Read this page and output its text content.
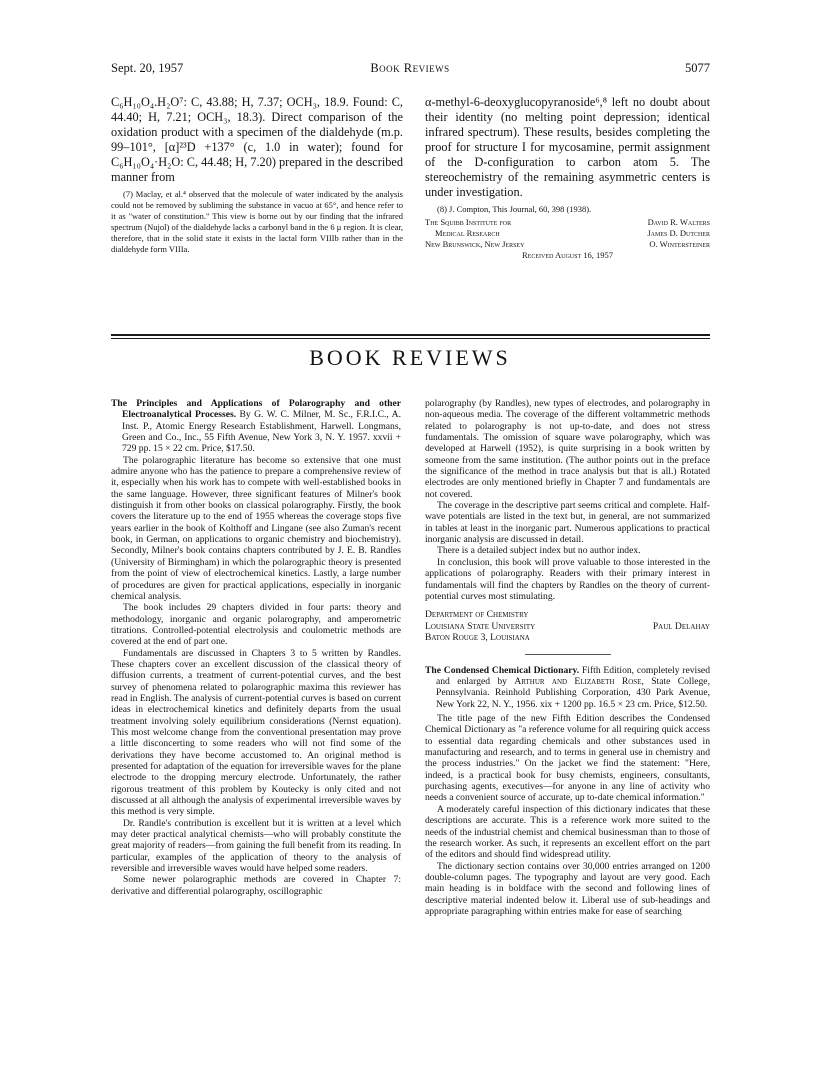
Sept. 20, 1957	Book Reviews	5077

C₆H₁₀O₄.H₂O⁷: C, 43.88; H, 7.37; OCH₃, 18.9. Found: C, 44.40; H, 7.21; OCH₃, 18.3). Direct comparison of the oxidation product with a specimen of the dialdehyde (m.p. 99–101°, [α]²³D +137° (c, 1.0 in water); found for C₆H₁₀O₄·H₂O: C, 44.48; H, 7.20) prepared in the described manner from

(7) Maclay, et al.⁴ observed that the molecule of water indicated by the analysis could not be removed by subliming the substance in vacuo at 65°, and hence refer to it as "water of constitution." This view is borne out by our finding that the infrared spectrum (Nujol) of the dialdehyde lacks a carbonyl band in the 6 μ region. It is clear, therefore, that in the solid state it exists in the lactal form VIIIb rather than in the dialdehyde form VIIIa.

α-methyl-6-deoxyglucopyranoside⁶,⁸ left no doubt about their identity (no melting point depression; identical infrared spectrum). These results, besides completing the proof for structure I for mycosamine, permit assignment of the D-configuration to carbon atom 5. The stereochemistry of the remaining asymmetric centers is under investigation.

(8) J. Compton, This Journal, 60, 398 (1938).

The Squibb Institute for	David R. Walters
Medical Research	James D. Dutcher
New Brunswick, New Jersey	O. Wintersteiner
Received August 16, 1957
BOOK REVIEWS

The Principles and Applications of Polarography and other Electroanalytical Processes. By G. W. C. Milner, M. Sc., F.R.I.C., A. Inst. P., Atomic Energy Research Establishment, Harwell. Longmans, Green and Co., Inc., 55 Fifth Avenue, New York 3, N. Y. 1957. xxvii + 729 pp. 15 × 22 cm. Price, $17.50.

The polarographic literature has become so extensive that one must admire anyone who has the patience to prepare a comprehensive review of it, especially when his work has to compete with well-established books in the same language. However, three significant features of Milner's book distinguish it from other books on classical polarography. Firstly, the book covers the literature up to the end of 1955 whereas the coverage stops five years earlier in the book of Kolthoff and Lingane (see also Zuman's recent book, in German, on applications to organic chemistry and biochemistry). Secondly, Milner's book contains chapters contributed by J. E. B. Randles (University of Birmingham) in which the polarographic theory is presented from the point of view of electrochemical kinetics. Lastly, a large number of procedures are given for practical applications, especially in inorganic chemical analysis.

The book includes 29 chapters divided in four parts: theory and methodology, inorganic and organic polarography, and amperometric titrations. Controlled-potential electrolysis and coulometric methods are covered at the end of part one.

Fundamentals are discussed in Chapters 3 to 5 written by Randles. These chapters cover an excellent discussion of the classical theory of diffusion currents, a treatment of current-potential curves, and the best survey of phenomena related to polarographic maxima this reviewer has read in English. The analysis of current-potential curves is based on current ideas in electrochemical kinetics and definitely departs from the usual treatment involving solely equilibrium considerations (Nernst equation). This most welcome change from the conventional presentation may prove a little disconcerting to some readers who will not find some of the derivations they have become accustomed to. An original method is presented for adaptation of the equation for irreversible waves for the plane electrode to the dropping mercury electrode. Unfortunately, the rather rigorous treatment of this problem by Koutecky is only cited and not discussed at all although the analysis of experimental irreversible waves by this method is very simple.

Dr. Randle's contribution is excellent but it is written at a level which may deter practical analytical chemists—who will probably constitute the great majority of readers—from gaining the full benefit from its reading. In particular, examples of the application of theory to the analysis of reversible and irreversible waves would have helped some readers.

Some newer polarographic methods are covered in Chapter 7: derivative and differential polarography, oscillographic

polarography (by Randles), new types of electrodes, and polarography in non-aqueous media. The coverage of the different voltammetric methods related to polarography is not up-to-date, and does not stress fundamentals. The omission of square wave polarography, which was developed at Harwell (1952), is quite surprising in a book written by someone from the same institution. (The author points out in the preface the significance of the method in trace analysis but that is all.) Rotated electrodes are only mentioned briefly in Chapter 7 and fundamentals are not covered.

The coverage in the descriptive part seems critical and complete. Half-wave potentials are listed in the text but, in general, are not summarized in tables at least in the inorganic part. Numerous applications to practical inorganic analysis are discussed in detail.

There is a detailed subject index but no author index.

In conclusion, this book will prove valuable to those interested in the applications of polarography. Readers with their primary interest in fundamentals will find the chapters by Randles on the theory of current-potential curves most stimulating.

Department of Chemistry
Louisiana State University	Paul Delahay
Baton Rouge 3, Louisiana

The Condensed Chemical Dictionary. Fifth Edition, completely revised and enlarged by Arthur and Elizabeth Rose, State College, Pennsylvania. Reinhold Publishing Corporation, 430 Park Avenue, New York 22, N. Y., 1956. xix + 1200 pp. 16.5 × 23 cm. Price, $12.50.

The title page of the new Fifth Edition describes the Condensed Chemical Dictionary as "a reference volume for all requiring quick access to essential data regarding chemicals and other substances used in manufacturing and research, and to terms in general use in chemistry and the process industries." On the jacket we find the statement: "Here, indeed, is a practical book for busy chemists, engineers, consultants, purchasing agents, executives—for anyone in any line of activity who needs a convenient source of accurate, up to-date chemical information."

A moderately careful inspection of this dictionary indicates that these descriptions are accurate. This is a reference work more suited to the needs of the industrial chemist and chemical businessman than to those of the research worker. As such, it represents an excellent effort on the part of the editors and should find widespread utility.

The dictionary section contains over 30,000 entries arranged on 1200 double-column pages. The typography and layout are very good. Each main heading is in boldface with the second and following lines of descriptive material indented below it. Liberal use of sub-headings and appropriate paragraphing within entries make for ease of searching
